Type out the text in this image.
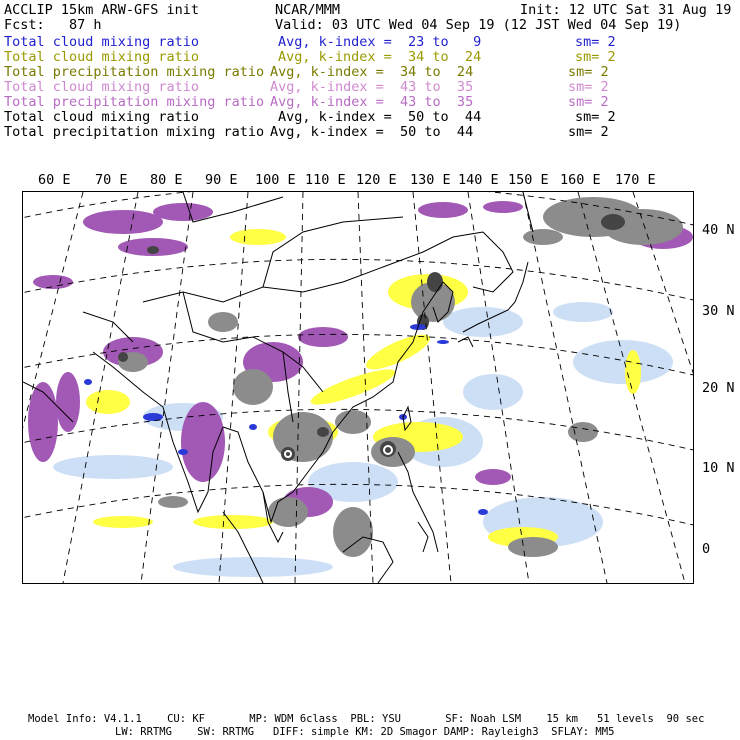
ACCLIP 15km ARW-GFS init	NCAR/MMM	Init: 12 UTC Sat 31 Aug 19
Fcst:   87 h	Valid: 03 UTC Wed 04 Sep 19 (12 JST Wed 04 Sep 19)
Total cloud mixing ratio	Avg, k-index =  23 to   9	sm= 2
Total cloud mixing ratio	Avg, k-index =  34 to  24	sm= 2
Total precipitation mixing ratio Avg, k-index =  34 to  24	sm= 2
Total cloud mixing ratio	Avg, k-index =  43 to  35	sm= 2
Total precipitation mixing ratio Avg, k-index =  43 to  35	sm= 2
Total cloud mixing ratio	Avg, k-index =  50 to  44	sm= 2
Total precipitation mixing ratio Avg, k-index =  50 to  44	sm= 2
60 E 70 E 80 E 90 E 100 E 110 E 120 E 130 E 140 E 150 E 160 E 170 E
40 N
30 N
20 N
10 N
0
Model Info: V4.1.1    CU: KF       MP: WDM 6class  PBL: YSU       SF: Noah LSM    15 km   51 levels  90 sec
LW: RRTMG    SW: RRTMG   DIFF: simple KM: 2D Smagor DAMP: Rayleigh3  SFLAY: MM5
